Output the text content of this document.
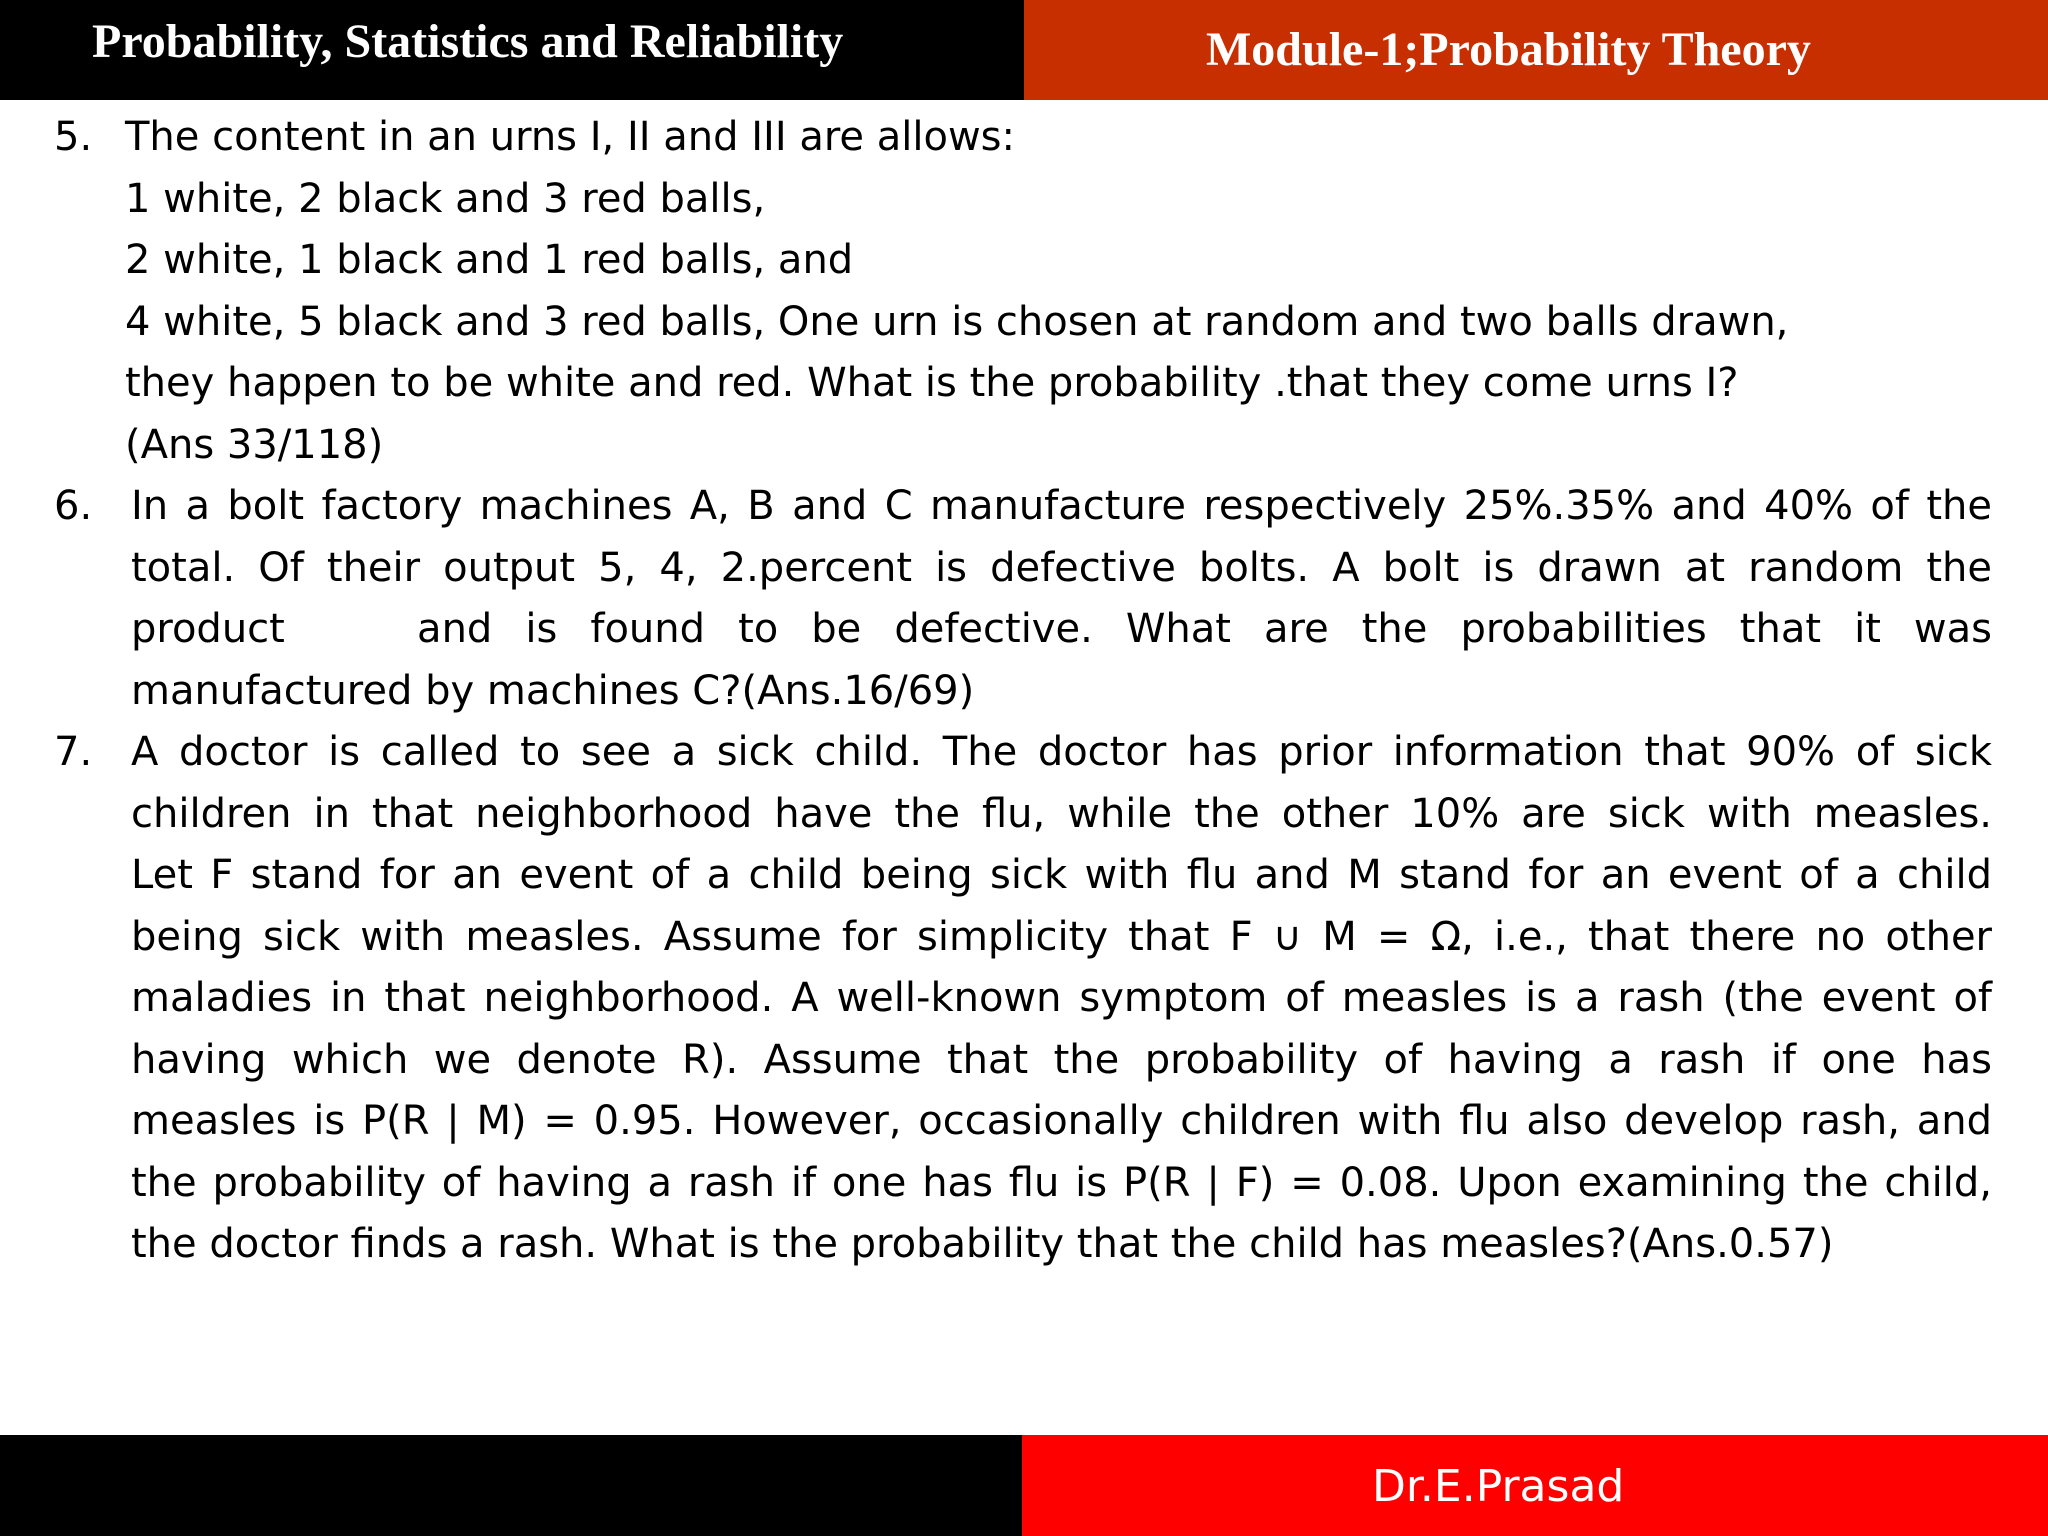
Probability, Statistics and Reliability	Module-1;Probability Theory
5. The content in an urns I, II and III are allows:
1 white, 2 black and 3 red balls,
2 white, 1 black and 1 red balls, and
4 white, 5 black and 3 red balls, One urn is chosen at random and two balls drawn,
they happen to be white and red. What is the probability .that they come urns I?
(Ans 33/118)
6. In a bolt factory machines A, B and C manufacture respectively 25%.35% and 40% of the
total. Of their output 5, 4, 2.percent is defective bolts. A bolt is drawn at random the
product    and is found to be defective. What are the probabilities that it was
manufactured by machines C?(Ans.16/69)
7. A doctor is called to see a sick child. The doctor has prior information that 90% of sick
children in that neighborhood have the flu, while the other 10% are sick with measles.
Let F stand for an event of a child being sick with flu and M stand for an event of a child
being sick with measles. Assume for simplicity that F ∪ M = Ω, i.e., that there no other
maladies in that neighborhood. A well-known symptom of measles is a rash (the event of
having which we denote R). Assume that the probability of having a rash if one has
measles is P(R | M) = 0.95. However, occasionally children with flu also develop rash, and
the probability of having a rash if one has flu is P(R | F) = 0.08. Upon examining the child,
the doctor finds a rash. What is the probability that the child has measles?(Ans.0.57)
Dr.E.Prasad
